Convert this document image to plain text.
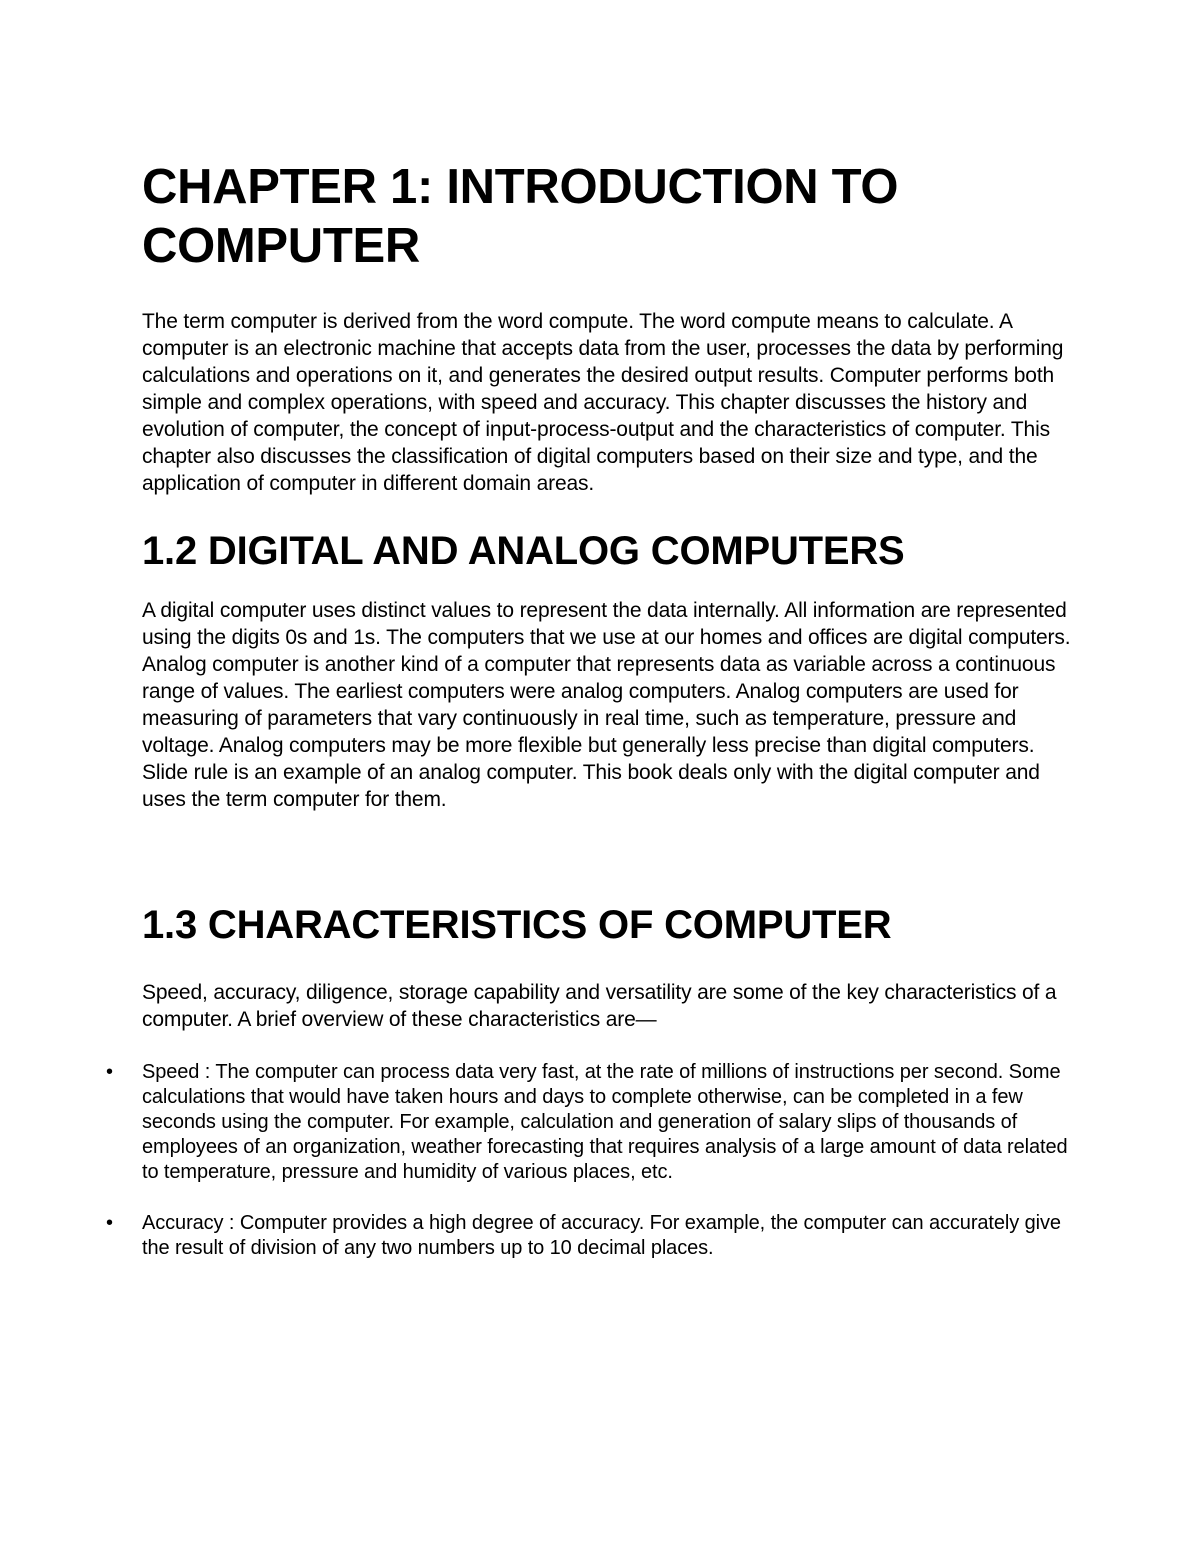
CHAPTER 1: INTRODUCTION TO COMPUTER

The term computer is derived from the word compute. The word compute means to calculate. A computer is an electronic machine that accepts data from the user, processes the data by performing calculations and operations on it, and generates the desired output results. Computer performs both simple and complex operations, with speed and accuracy. This chapter discusses the history and evolution of computer, the concept of input-process-output and the characteristics of computer. This chapter also discusses the classification of digital computers based on their size and type, and the application of computer in different domain areas.

1.2 DIGITAL AND ANALOG COMPUTERS

A digital computer uses distinct values to represent the data internally. All information are represented using the digits 0s and 1s. The computers that we use at our homes and offices are digital computers. Analog computer is another kind of a computer that represents data as variable across a continuous range of values. The earliest computers were analog computers. Analog computers are used for measuring of parameters that vary continuously in real time, such as temperature, pressure and voltage. Analog computers may be more flexible but generally less precise than digital computers. Slide rule is an example of an analog computer. This book deals only with the digital computer and uses the term computer for them.

1.3 CHARACTERISTICS OF COMPUTER

Speed, accuracy, diligence, storage capability and versatility are some of the key characteristics of a computer. A brief overview of these characteristics are—

• Speed : The computer can process data very fast, at the rate of millions of instructions per second. Some calculations that would have taken hours and days to complete otherwise, can be completed in a few seconds using the computer. For example, calculation and generation of salary slips of thousands of employees of an organization, weather forecasting that requires analysis of a large amount of data related to temperature, pressure and humidity of various places, etc.

• Accuracy : Computer provides a high degree of accuracy. For example, the computer can accurately give the result of division of any two numbers up to 10 decimal places.
